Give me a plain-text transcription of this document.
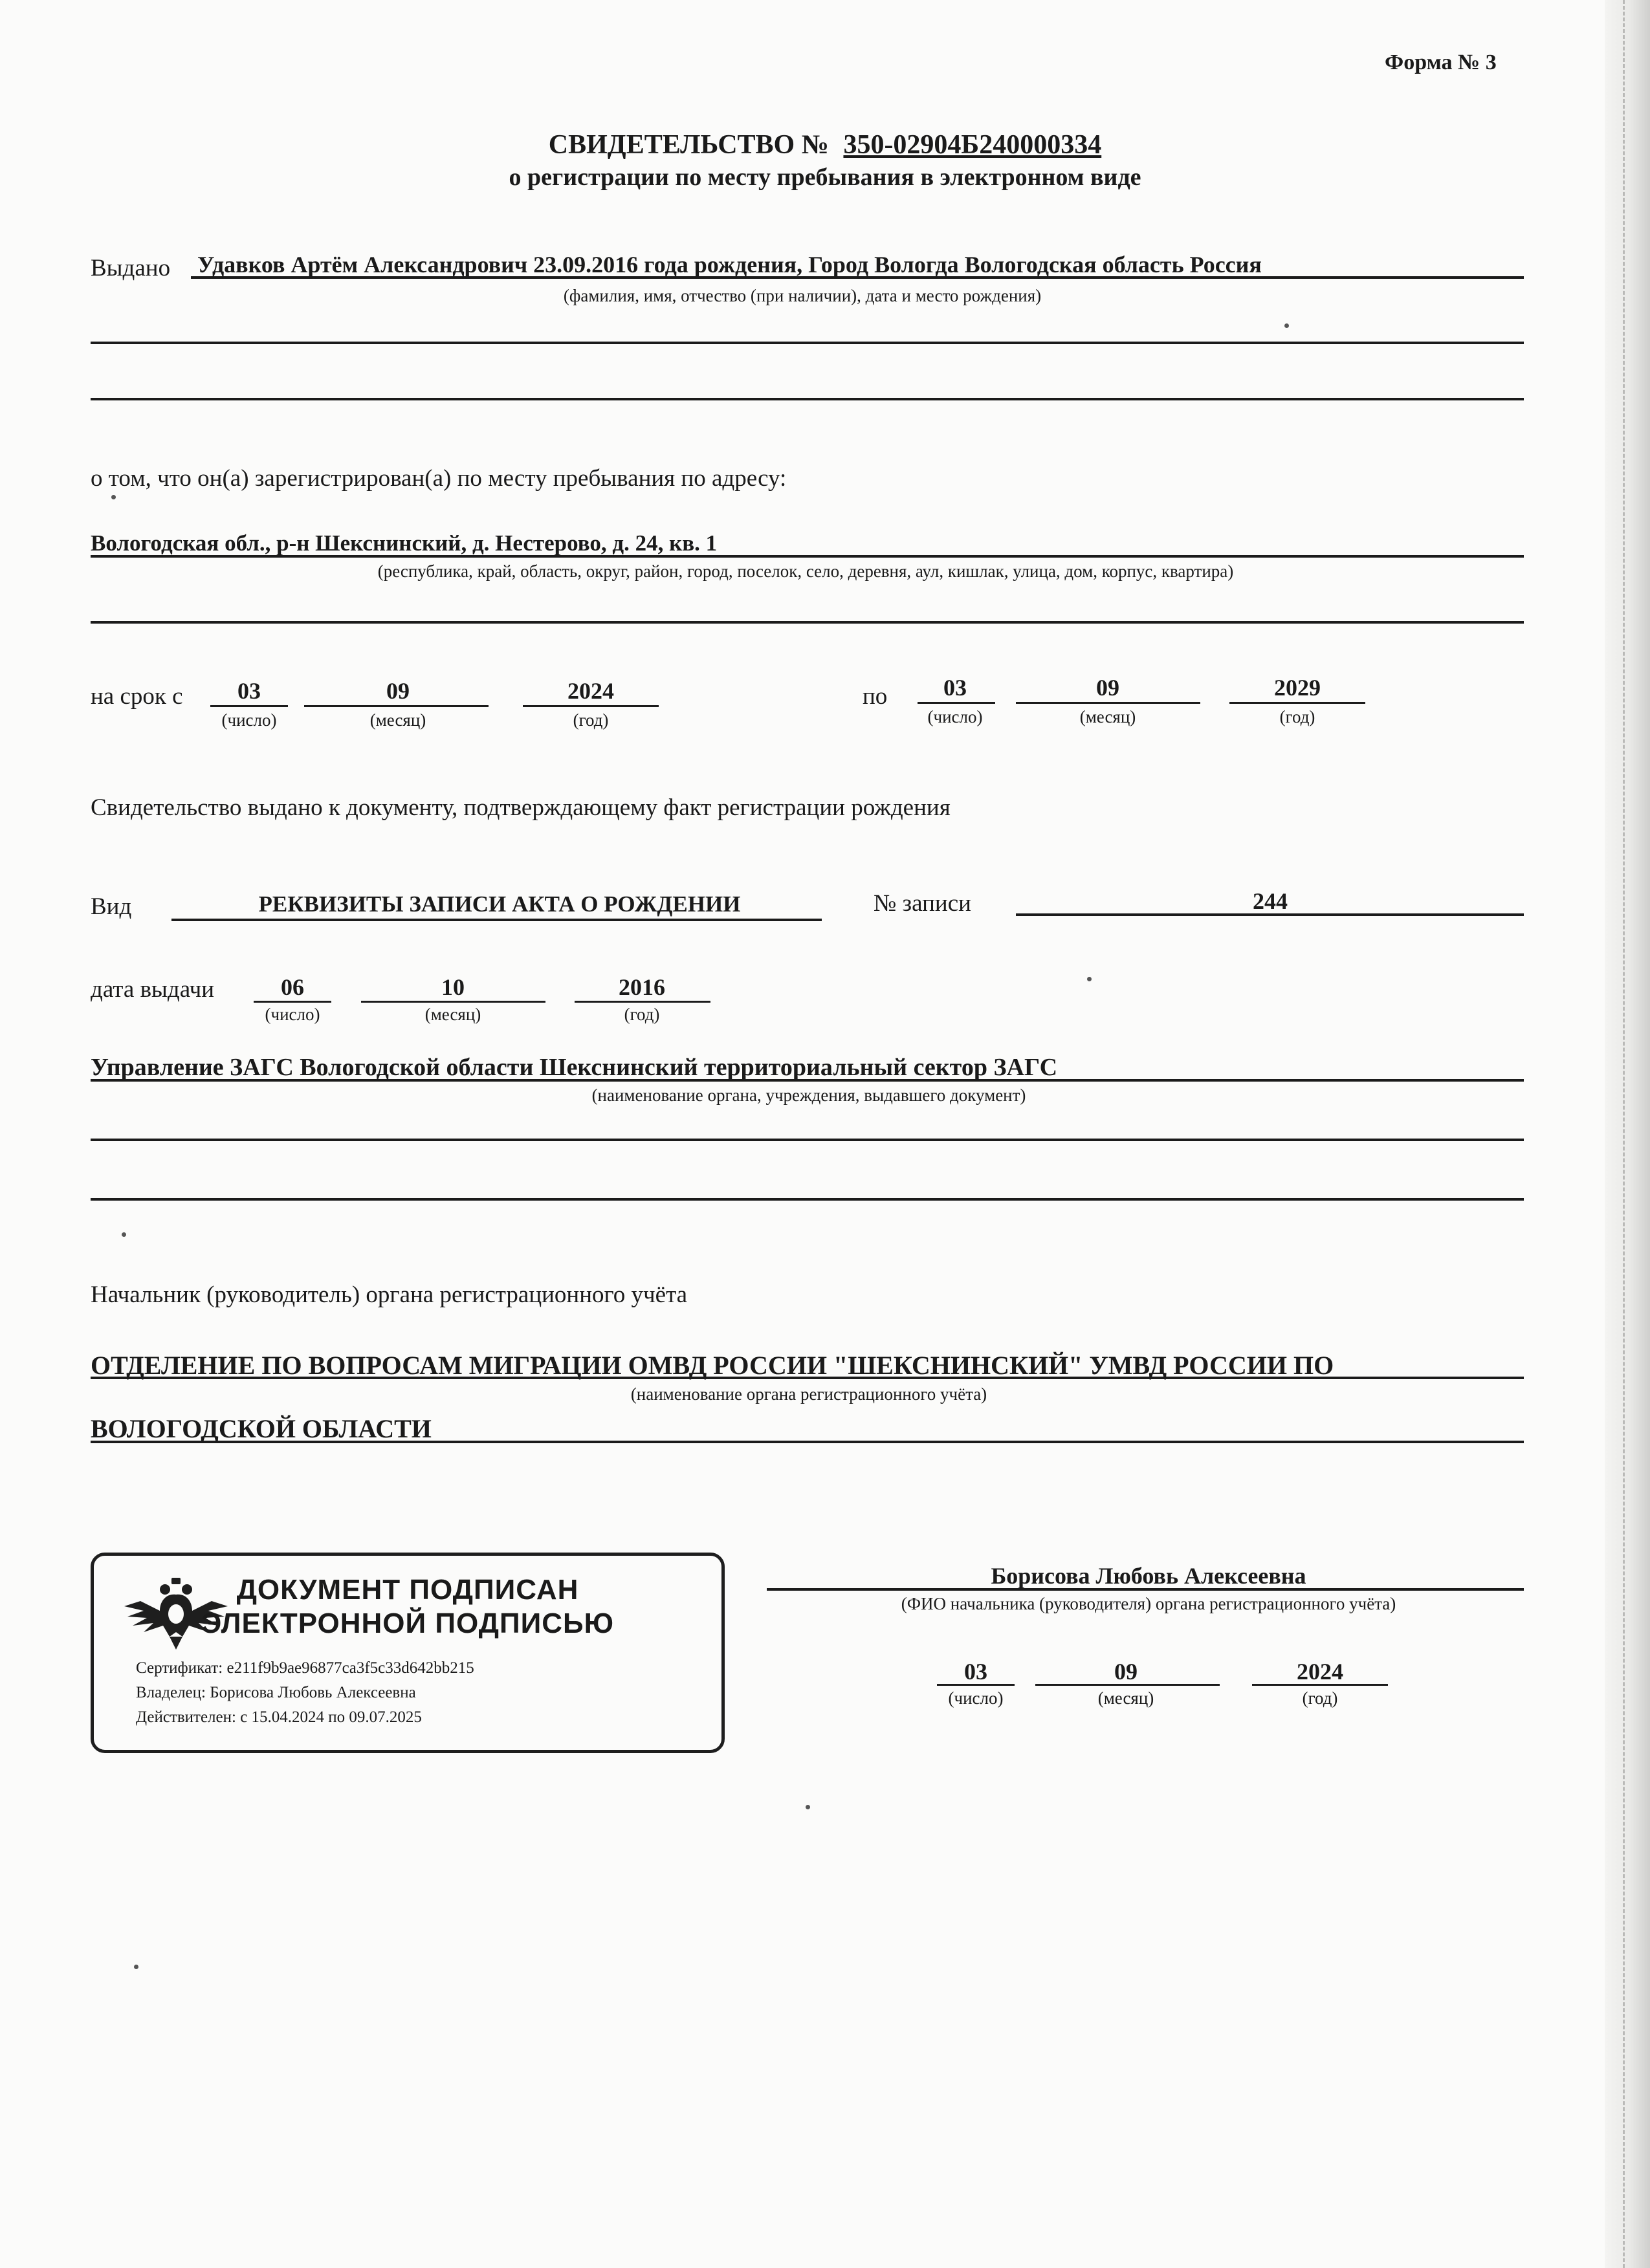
Форма № 3
СВИДЕТЕЛЬСТВО № 350-02904Б240000334
о регистрации по месту пребывания в электронном виде
Выдано Удавков Артём Александрович 23.09.2016 года рождения, Город Вологда Вологодская область Россия
(фамилия, имя, отчество (при наличии), дата и место рождения)
о том, что он(а) зарегистрирован(а) по месту пребывания по адресу:
Вологодская обл., р-н Шекснинский, д. Нестерово, д. 24, кв. 1
(республика, край, область, округ, район, город, поселок, село, деревня, аул, кишлак, улица, дом, корпус, квартира)
на срок с 03
(число)
09
(месяц)
2024
(год)
по 03
(число)
09
(месяц)
2029
(год)
Свидетельство выдано к документу, подтверждающему факт регистрации рождения
Вид	РЕКВИЗИТЫ ЗАПИСИ АКТА О РОЖДЕНИИ	№ записи	244
дата выдачи	06
(число)
10
(месяц)
2016
(год)
Управление ЗАГС Вологодской области Шекснинский территориальный сектор ЗАГС
(наименование органа, учреждения, выдавшего документ)
Начальник (руководитель) органа регистрационного учёта
ОТДЕЛЕНИЕ ПО ВОПРОСАМ МИГРАЦИИ ОМВД РОССИИ "ШЕКСНИНСКИЙ" УМВД РОССИИ ПО
(наименование органа регистрационного учёта)
ВОЛОГОДСКОЙ ОБЛАСТИ
ДОКУМЕНТ ПОДПИСАН
ЭЛЕКТРОННОЙ ПОДПИСЬЮ
Сертификат: e211f9b9ae96877ca3f5c33d642bb215
Владелец: Борисова Любовь Алексеевна
Действителен: с 15.04.2024 по 09.07.2025
Борисова Любовь Алексеевна
(ФИО начальника (руководителя) органа регистрационного учёта)
03
(число)
09
(месяц)
2024
(год)
